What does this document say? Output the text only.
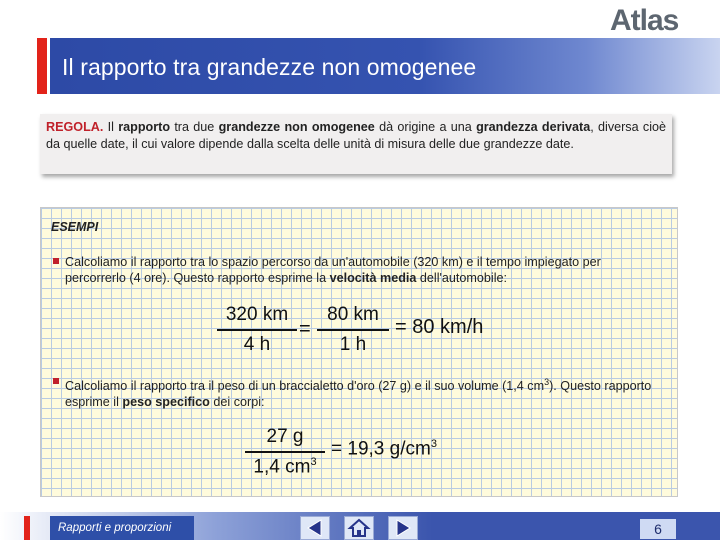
Atlas
Il rapporto tra grandezze non omogenee
REGOLA. Il rapporto tra due grandezze non omogenee dà origine a una grandezza derivata, diversa cioè da quelle date, il cui valore dipende dalla scelta delle unità di misura delle due grandezze date.
ESEMPI
Calcoliamo il rapporto tra lo spazio percorso da un'automobile (320 km) e il tempo impiegato per percorrerlo (4 ore). Questo rapporto esprime la velocità media dell'automobile:
320 km
4 h
=
80 km
1 h
= 80 km/h
Calcoliamo il rapporto tra il peso di un braccialetto d'oro (27 g) e il suo volume (1,4 $cm^3$). Questo rapporto esprime il peso specifico dei corpi:
27 g
1,4 $cm^3$
= 19,3 $g/cm^3$
Rapporti e proporzioni	6
